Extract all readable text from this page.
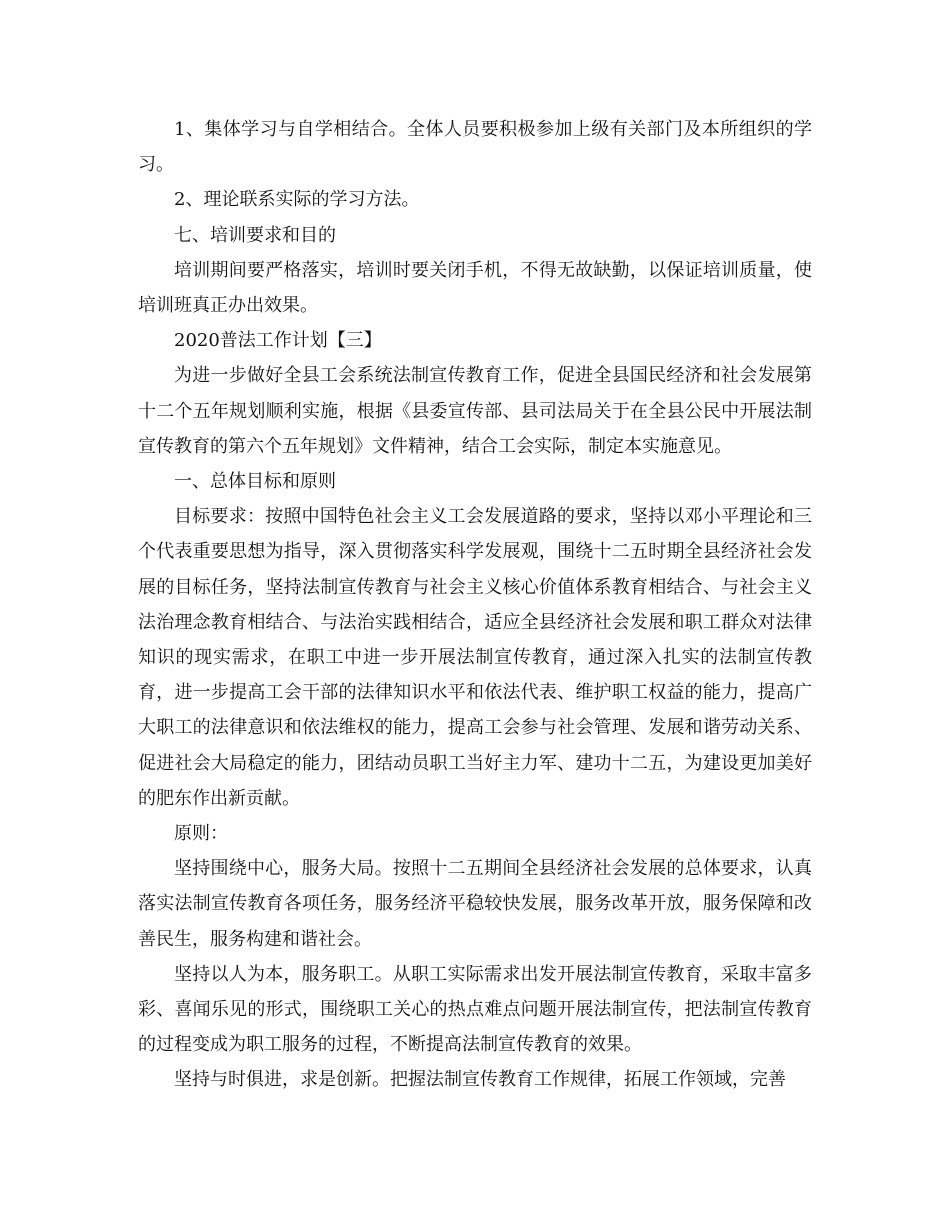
1、集体学习与自学相结合。全体人员要积极参加上级有关部门及本所组织的学习。

2、理论联系实际的学习方法。

七、培训要求和目的

培训期间要严格落实，培训时要关闭手机，不得无故缺勤，以保证培训质量，使培训班真正办出效果。

2020普法工作计划【三】

为进一步做好全县工会系统法制宣传教育工作，促进全县国民经济和社会发展第十二个五年规划顺利实施，根据《县委宣传部、县司法局关于在全县公民中开展法制宣传教育的第六个五年规划》文件精神，结合工会实际，制定本实施意见。

一、总体目标和原则

目标要求：按照中国特色社会主义工会发展道路的要求，坚持以邓小平理论和三个代表重要思想为指导，深入贯彻落实科学发展观，围绕十二五时期全县经济社会发展的目标任务，坚持法制宣传教育与社会主义核心价值体系教育相结合、与社会主义法治理念教育相结合、与法治实践相结合，适应全县经济社会发展和职工群众对法律知识的现实需求，在职工中进一步开展法制宣传教育，通过深入扎实的法制宣传教育，进一步提高工会干部的法律知识水平和依法代表、维护职工权益的能力，提高广大职工的法律意识和依法维权的能力，提高工会参与社会管理、发展和谐劳动关系、促进社会大局稳定的能力，团结动员职工当好主力军、建功十二五，为建设更加美好的肥东作出新贡献。

原则：

坚持围绕中心，服务大局。按照十二五期间全县经济社会发展的总体要求，认真落实法制宣传教育各项任务，服务经济平稳较快发展，服务改革开放，服务保障和改善民生，服务构建和谐社会。

坚持以人为本，服务职工。从职工实际需求出发开展法制宣传教育，采取丰富多彩、喜闻乐见的形式，围绕职工关心的热点难点问题开展法制宣传，把法制宣传教育的过程变成为职工服务的过程，不断提高法制宣传教育的效果。

坚持与时俱进，求是创新。把握法制宣传教育工作规律，拓展工作领域，完善
